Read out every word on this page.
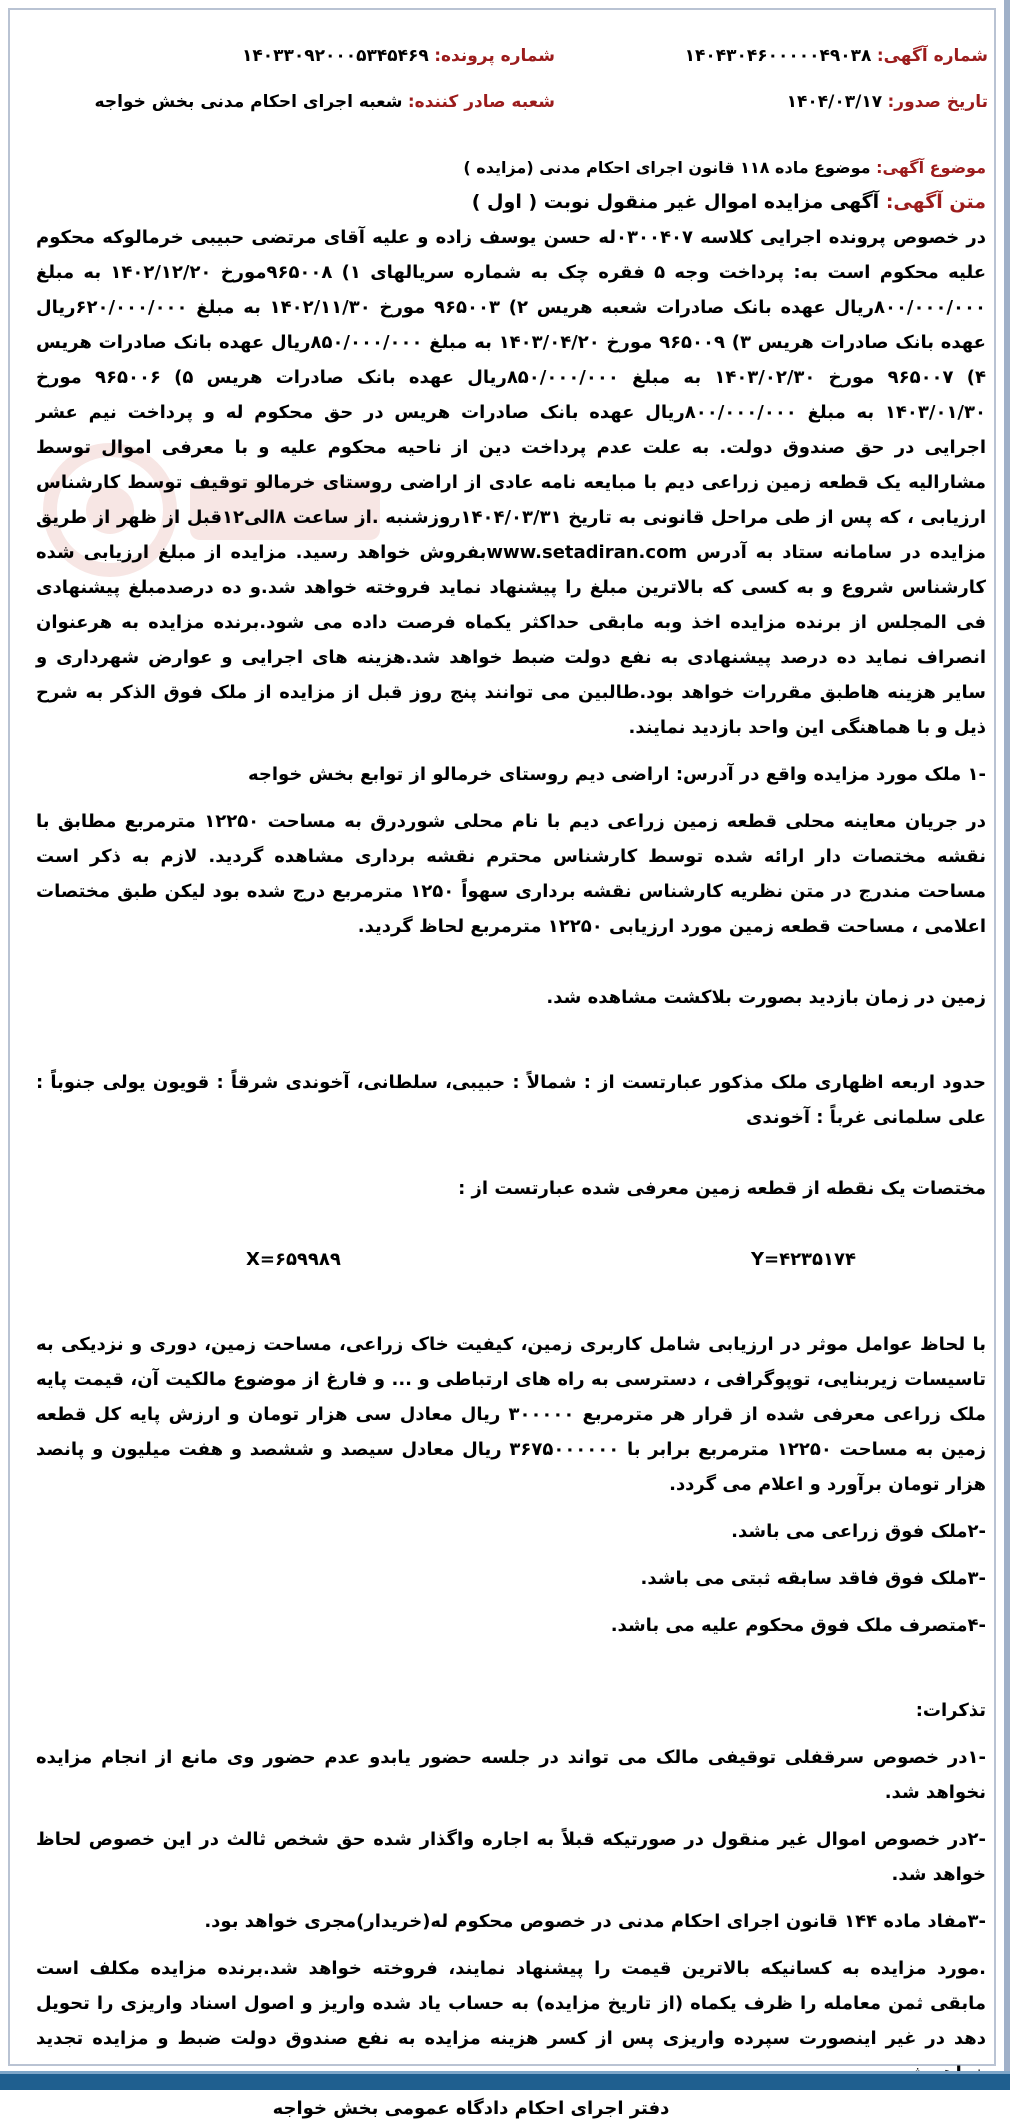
شماره آگهی: ۱۴۰۴۳۰۴۶۰۰۰۰۰۴۹۰۳۸
شماره پرونده: ۱۴۰۳۳۰۹۲۰۰۰۵۳۴۵۴۶۹
تاریخ صدور: ۱۴۰۴/۰۳/۱۷
شعبه صادر کننده: شعبه اجرای احکام مدنی بخش خواجه

موضوع آگهی: موضوع ماده ۱۱۸ قانون اجرای احکام مدنی (مزایده )

متن آگهی: آگهی مزایده اموال غیر منقول نوبت ( اول )

در خصوص پرونده اجرایی کلاسه ۰۳۰۰۴۰۷له حسن یوسف زاده و علیه آقای مرتضی حبیبی خرمالوکه محکوم علیه محکوم است به: پرداخت وجه ۵ فقره چک به شماره سریالهای ۱) ۹۶۵۰۰۸مورخ ۱۴۰۲/۱۲/۲۰ به مبلغ ۸۰۰/۰۰۰/۰۰۰ریال عهده بانک صادرات شعبه هریس ۲) ۹۶۵۰۰۳ مورخ ۱۴۰۲/۱۱/۳۰ به مبلغ ۶۲۰/۰۰۰/۰۰۰ریال عهده بانک صادرات هریس ۳) ۹۶۵۰۰۹ مورخ ۱۴۰۳/۰۴/۲۰ به مبلغ ۸۵۰/۰۰۰/۰۰۰ریال عهده بانک صادرات هریس ۴) ۹۶۵۰۰۷ مورخ ۱۴۰۳/۰۲/۳۰ به مبلغ ۸۵۰/۰۰۰/۰۰۰ریال عهده بانک صادرات هریس ۵) ۹۶۵۰۰۶ مورخ ۱۴۰۳/۰۱/۳۰ به مبلغ ۸۰۰/۰۰۰/۰۰۰ریال عهده بانک صادرات هریس در حق محکوم له و پرداخت نیم عشر اجرایی در حق صندوق دولت. به علت عدم پرداخت دین از ناحیه محکوم علیه و با معرفی اموال توسط مشارالیه یک قطعه زمین زراعی دیم با مبایعه نامه عادی از اراضی روستای خرمالو توقیف توسط کارشناس ارزیابی ، که پس از طی مراحل قانونی به تاریخ ۱۴۰۴/۰۳/۳۱روزشنبه .از ساعت ۸الی۱۲قبل از ظهر از طریق مزایده در سامانه ستاد به آدرس www.setadiran.comبفروش خواهد رسید. مزایده از مبلغ ارزیابی شده کارشناس شروع و به کسی که بالاترین مبلغ را پیشنهاد نماید فروخته خواهد شد.و ده درصدمبلغ پیشنهادی فی المجلس از برنده مزایده اخذ وبه مابقی حداکثر یکماه فرصت داده می شود.برنده مزایده به هرعنوان انصراف نماید ده درصد پیشنهادی به نفع دولت ضبط خواهد شد.هزینه های اجرایی و عوارض شهرداری و سایر هزینه هاطبق مقررات خواهد بود.طالبین می توانند پنج روز قبل از مزایده از ملک فوق الذکر به شرح ذیل و با هماهنگی این واحد بازدید نمایند.

-۱ ملک مورد مزایده واقع در آدرس: اراضی دیم روستای خرمالو از توابع بخش خواجه

در جریان معاینه محلی قطعه زمین زراعی دیم با نام محلی شوردرق به مساحت ۱۲۲۵۰ مترمربع مطابق با نقشه مختصات دار ارائه شده توسط کارشناس محترم نقشه برداری مشاهده گردید. لازم به ذکر است مساحت مندرج در متن نظریه کارشناس نقشه برداری سهواً ۱۲۵۰ مترمربع درج شده بود لیکن طبق مختصات اعلامی ، مساحت قطعه زمین مورد ارزیابی ۱۲۲۵۰ مترمربع لحاظ گردید.

زمین در زمان بازدید بصورت بلاکشت مشاهده شد.

حدود اربعه اظهاری ملک مذکور عبارتست از : شمالاً : حبیبی، سلطانی، آخوندی شرقاً : قویون یولی جنوباً : علی سلمانی غرباً : آخوندی

مختصات یک نقطه از قطعه زمین معرفی شده عبارتست از :

Y=۴۲۳۵۱۷۴
X=۶۵۹۹۸۹

با لحاظ عوامل موثر در ارزیابی شامل کاربری زمین، کیفیت خاک زراعی، مساحت زمین، دوری و نزدیکی به تاسیسات زیربنایی، توپوگرافی ، دسترسی به راه های ارتباطی و ... و فارغ از موضوع مالکیت آن، قیمت پایه ملک زراعی معرفی شده از قرار هر مترمربع ۳۰۰۰۰۰ ریال معادل سی هزار تومان و ارزش پایه کل قطعه زمین به مساحت ۱۲۲۵۰ مترمربع برابر با ۳۶۷۵۰۰۰۰۰۰ ریال معادل سیصد و ششصد و هفت میلیون و پانصد هزار تومان برآورد و اعلام می گردد.

-۲ملک فوق زراعی می باشد.

-۳ملک فوق فاقد سابقه ثبتی می باشد.

-۴متصرف ملک فوق محکوم علیه می باشد.

تذکرات:

-۱در خصوص سرقفلی توقیفی مالک می تواند در جلسه حضور یابدو عدم حضور وی مانع از انجام مزایده نخواهد شد.

-۲در خصوص اموال غیر منقول در صورتیکه قبلاً به اجاره واگذار شده حق شخص ثالث در این خصوص لحاظ خواهد شد.

-۳مفاد ماده ۱۴۴ قانون اجرای احکام مدنی در خصوص محکوم له(خریدار)مجری خواهد بود.

.مورد مزایده به کسانیکه بالاترین قیمت را پیشنهاد نمایند، فروخته خواهد شد.برنده مزایده مکلف است مابقی ثمن معامله را ظرف یکماه (از تاریخ مزایده) به حساب یاد شده واریز و اصول اسناد واریزی را تحویل دهد در غیر اینصورت سپرده واریزی پس از کسر هزینه مزایده به نفع صندوق دولت ضبط و مزایده تجدید

دفتر اجرای احکام دادگاه عمومی بخش خواجه
